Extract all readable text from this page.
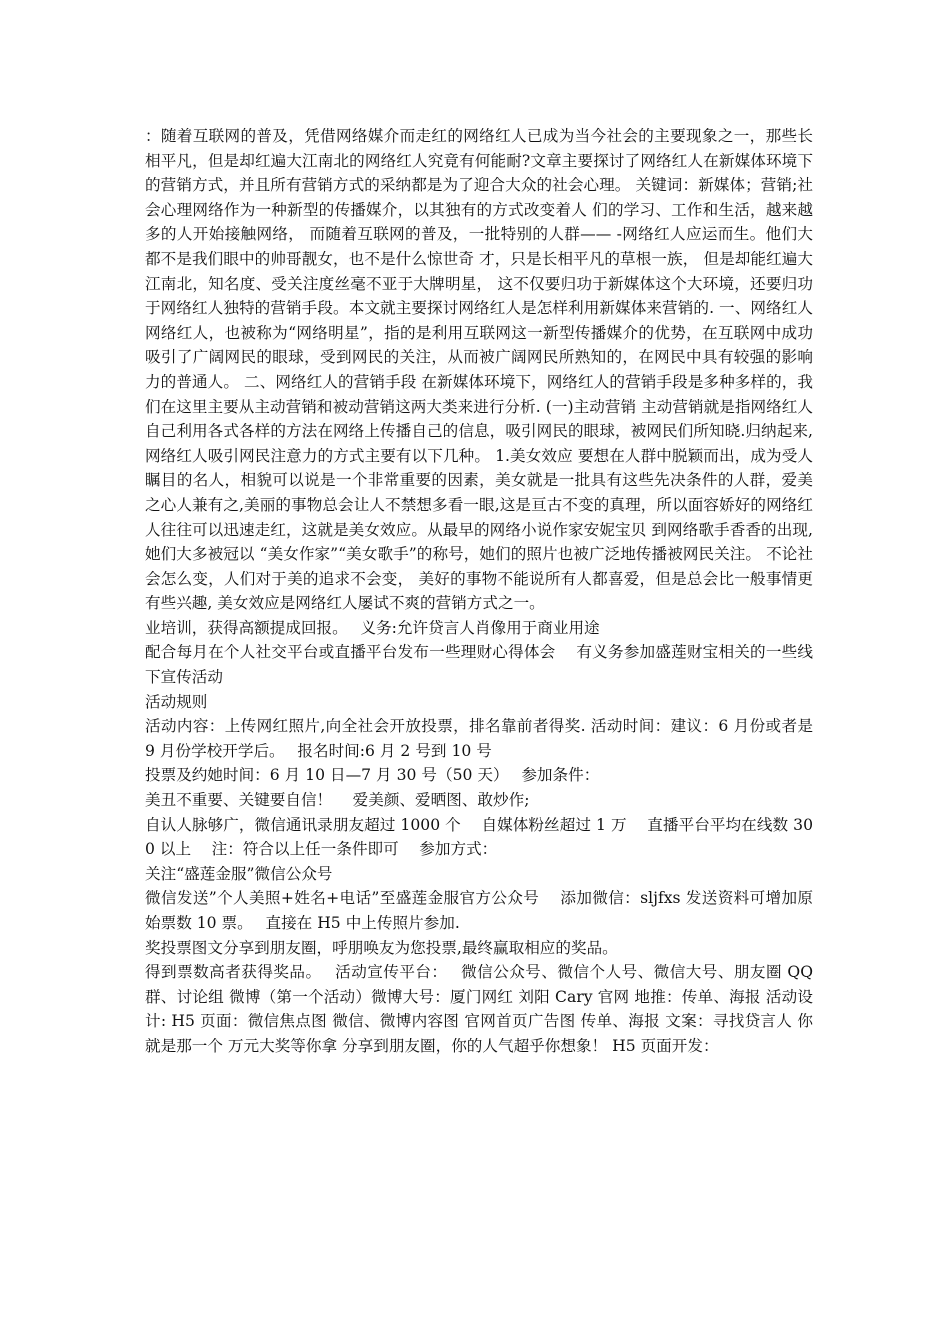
：随着互联网的普及，凭借网络媒介而走红的网络红人已成为当今社会的主要现象之一，那些长相平凡，但是却红遍大江南北的网络红人究竟有何能耐?文章主要探讨了网络红人在新媒体环境下的营销方式，并且所有营销方式的采纳都是为了迎合大众的社会心理。 关键词：新媒体；营销;社会心理网络作为一种新型的传播媒介，以其独有的方式改变着人 们的学习、工作和生活，越来越多的人开始接触网络， 而随着互联网的普及，一批特别的人群—— -网络红人应运而生。他们大都不是我们眼中的帅哥靓女，也不是什么惊世奇 才，只是长相平凡的草根一族， 但是却能红遍大江南北，知名度、受关注度丝毫不亚于大牌明星， 这不仅要归功于新媒体这个大环境，还要归功于网络红人独特的营销手段。本文就主要探讨网络红人是怎样利用新媒体来营销的. 一、网络红人网络红人，也被称为“网络明星”，指的是利用互联网这一新型传播媒介的优势，在互联网中成功吸引了广阔网民的眼球，受到网民的关注，从而被广阔网民所熟知的，在网民中具有较强的影响力的普通人。 二、网络红人的营销手段 在新媒体环境下，网络红人的营销手段是多种多样的，我们在这里主要从主动营销和被动营销这两大类来进行分析. (一)主动营销 主动营销就是指网络红人自己利用各式各样的方法在网络上传播自己的信息，吸引网民的眼球，被网民们所知晓.归纳起来,网络红人吸引网民注意力的方式主要有以下几种。 1.美女效应 要想在人群中脱颖而出，成为受人瞩目的名人，相貌可以说是一个非常重要的因素，美女就是一批具有这些先决条件的人群，爱美之心人兼有之,美丽的事物总会让人不禁想多看一眼,这是亘古不变的真理，所以面容娇好的网络红人往往可以迅速走红，这就是美女效应。从最早的网络小说作家安妮宝贝 到网络歌手香香的出现,她们大多被冠以 “美女作家”“美女歌手”的称号，她们的照片也被广泛地传播被网民关注。 不论社会怎么变，人们对于美的追求不会变， 美好的事物不能说所有人都喜爱，但是总会比一般事情更有些兴趣, 美女效应是网络红人屡试不爽的营销方式之一。

业培训，获得高额提成回报。　 义务:允许贷言人肖像用于商业用途

配合每月在个人社交平台或直播平台发布一些理财心得体会　 有义务参加盛莲财宝相关的一些线下宣传活动

活动规则

活动内容：上传网红照片,向全社会开放投票，排名靠前者得奖. 活动时间：建议：6 月份或者是 9 月份学校开学后。　 报名时间:6 月 2 号到 10 号

投票及约她时间：6 月 10 日—7 月 30 号（50 天）　 参加条件：

美丑不重要、关键要自信！　 爱美颜、爱晒图、敢炒作;

自认人脉够广，微信通讯录朋友超过 1000 个　 自媒体粉丝超过 1 万　 直播平台平均在线数 300 以上　 注：符合以上任一条件即可　 参加方式：

关注“盛莲金服”微信公众号

微信发送”个人美照+姓名+电话”至盛莲金服官方公众号　 添加微信：sljfxs 发送资料可增加原始票数 10 票。　 直接在 H5 中上传照片参加.

奖投票图文分享到朋友圈，呼朋唤友为您投票,最终赢取相应的奖品。

得到票数高者获得奖品。　 活动宣传平台：　 微信公众号、微信个人号、微信大号、朋友圈 QQ 群、讨论组 微博（第一个活动）微博大号：厦门网红 刘阳 Cary 官网 地推：传单、海报 活动设计: H5 页面：微信焦点图 微信、微博内容图 官网首页广告图 传单、海报 文案：寻找贷言人 你就是那一个 万元大奖等你拿 分享到朋友圈，你的人气超乎你想象！ H5 页面开发：
